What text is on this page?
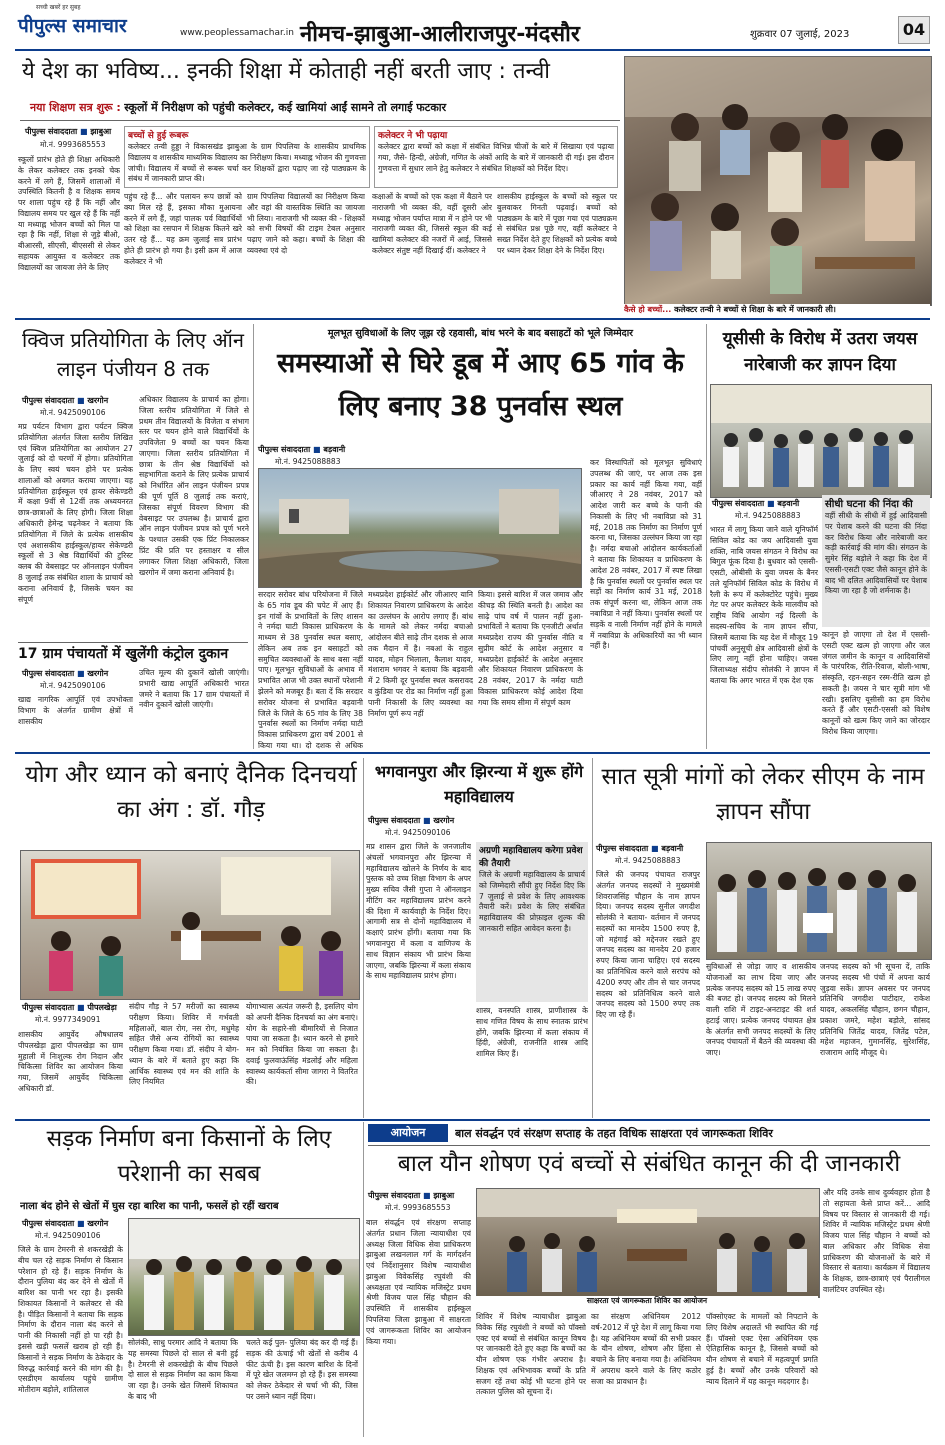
सच्ची खबरें हर सुबह
पीपुल्स समाचार	www.peoplessamachar.in नीमच-झाबुआ-आलीराजपुर-मंदसौर	शुक्रवार 07 जुलाई, 2023	04
ये देश का भविष्य... इनकी शिक्षा में कोताही नहीं बरती जाए : तन्वी
नया शिक्षण सत्र शुरू : स्कूलों में निरीक्षण को पहुंची कलेक्टर, कई खामियां आईं सामने तो लगाई फटकार
पीपुल्स संवाददाता ■ झाबुआ
मो.नं. 9993685553
स्कूलों प्रारंभ होते ही शिक्षा अधिकारी के लेकर कलेक्टर तक इनको चेक करने में लगे हैं, जिसमें शालाओं में उपस्थिति कितनी है व शिक्षक समय पर शाला पहुंच रहे हैं कि नहीं और विद्यालय समय पर खुल रहे हैं कि नहीं या मध्याह्न भोजन बच्चों को मिल पा रहा है कि नहीं, शिक्षा से जुड़े बीओ, बीआरसी, सीएसी, बीएससी से लेकर सहायक आयुक्त व कलेक्टर तक विद्यालयों का जायजा लेने के लिए
बच्चों से हुई रूबरू
कलेक्टर तन्वी हुड्डा ने विकासखंड झाबुआ के ग्राम पिपलिया के शासकीय प्राथमिक विद्यालय व शासकीय माध्यमिक विद्यालय का निरीक्षण किया। मध्याह्न भोजन की गुणवत्ता जांची। विद्यालय में बच्चों से रूबरू चर्चा कर शिक्षकों द्वारा पढ़ाए जा रहे पाठ्यक्रम के संबंध में जानकारी प्राप्त की।
कलेक्टर ने भी पढ़ाया
कलेक्टर द्वारा बच्चों को कक्षा में संबंधित विभिन्न चीजों के बारे में सिखाया एवं पढ़ाया गया, जैसे- हिन्दी, अंग्रेजी, गणित के अंकों आदि के बारे में जानकारी दी गई। इस दौरान गुणवत्ता में सुधार लाने हेतु कलेक्टर ने संबंधित शिक्षकों को निर्देश दिए।
पहुंच रहे हैं... और पलायन रूप छात्रों को क्या मिल रहे हैं, इसका मौका मुआयना करने में लगे हैं, जहां पालक पर्व विद्यार्थियों को शिक्षा का रसपान में शिक्षक कितने खरे उतर रहे हैं... यह क्रम जुलाई सत्र प्रारंभ होते ही प्रारंभ हो गया है। इसी क्रम में आज कलेक्टर ने भी
ग्राम पिपलिया विद्यालयों का निरीक्षण किया और वहां की वास्तविक स्थिति का जायजा भी लिया। नाराजगी भी व्यक्त की - शिक्षकों को सभी विषयों की टाइम टेबल अनुसार पढ़ाए जाने को कहा। बच्चों के शिक्षा की व्यवस्था एवं दो
कक्षाओं के बच्चों को एक कक्षा में बैठाने पर नाराजगी भी व्यक्त की, वहीं दूसरी ओर मध्याह्न भोजन पर्याप्त मात्रा में न होने पर भी नाराजगी व्यक्त की, जिससे स्कूल की कई खामियां कलेक्टर की नजरों में आई, जिससे कलेक्टर संतुष्ट नहीं दिखाई दीं। कलेक्टर ने
शासकीय हाईस्कूल के बच्चों को स्कूल पर बुलवाकर गिनती पढ़वाई। बच्चों को पाठ्यक्रम के बारे में पूछा गया एवं पाठ्यक्रम से संबंधित प्रश्न पूछे गए, वहीं कलेक्टर ने सख्त निर्देश देते हुए शिक्षकों को प्रत्येक बच्चे पर ध्यान देकर शिक्षा देने के निर्देश दिए।
कैसे हो बच्चों... कलेक्टर तन्वी ने बच्चों से शिक्षा के बारे में जानकारी ली।
क्विज प्रतियोगिता के लिए ऑन लाइन पंजीयन 8 तक
पीपुल्स संवाददाता ■ खरगोन
मो.नं. 9425090106
मप्र पर्यटन विभाग द्वारा पर्यटन क्विज प्रतियोगिता अंतर्गत जिला स्तरीय लिखित एवं क्विज प्रतियोगिता का आयोजन 27 जुलाई को दो चरणों में होगा। प्रतियोगिता के लिए स्वयं चयन होने पर प्रत्येक शालाओं को अवगत कराया जाएगा। यह प्रतियोगिता हाईस्कूल एवं हायर सेकेण्डरी में कक्षा 9वीं से 12वीं तक अध्ययनरत छात्र-छात्राओं के लिए होगी। जिला शिक्षा अधिकारी हेमेन्द्र चढ़नेकर ने बताया कि प्रतियोगिता में जिले के प्रत्येक शासकीय एवं अशासकीय हाईस्कूल/हायर सेकेण्डरी स्कूलों से 3 श्रेष्ठ विद्यार्थियों की टुरिस्ट क्लब की वेबसाइट पर ऑनलाइन पंजीयन 8 जुलाई तक संबंधित शाला के प्राचार्य को कराना अनिवार्य है, जिसके चयन का संपूर्ण
अधिकार विद्यालय के प्राचार्य का होगा। जिला स्तरीय प्रतियोगिता में जिले से प्रथम तीन विद्यालयों के विजेता व संभाग स्तर पर चयन होने वाले विद्यार्थियों के उपविजेता 9 बच्चों का चयन किया जाएगा। जिला स्तरीय प्रतियोगिता में छात्रा के तीन श्रेष्ठ विद्यार्थियों को सहभागिता कराने के लिए प्रत्येक प्राचार्य को निर्धारित ऑन लाइन पंजीयन प्रपत्र की पूर्ण पूर्ति 8 जुलाई तक कराएं, जिसका संपूर्ण विवरण विभाग की वेबसाइट पर उपलब्ध है। प्राचार्य द्वारा ऑन लाइन पंजीयन प्रपत्र को पूर्ण भरने के पश्चात उसकी एक प्रिंट निकालकर प्रिंट की प्रति पर हस्ताक्षर व सील लगाकर जिला शिक्षा अधिकारी, जिला खरगोन में जमा कराना अनिवार्य है।
17 ग्राम पंचायतों में खुलेंगी कंट्रोल दुकान
पीपुल्स संवाददाता ■ खरगोन
मो.नं. 9425090106
खाद्य नागरिक आपूर्ति एवं उपभोक्ता विभाग के अंतर्गत ग्रामीण क्षेत्रों में शासकीय
उचित मूल्य की दुकानें खोली जाएंगी। प्रभारी खाद्य आपूर्ति अधिकारी भारत जमरे ने बताया कि 17 ग्राम पंचायतों में नवीन दुकानें खोली जाएंगी।
मूलभूत सुविधाओं के लिए जूझ रहे रहवासी, बांध भरने के बाद बसाहटों को भूले जिम्मेदार
समस्याओं से घिरे डूब में आए 65 गांव के लिए बनाए 38 पुनर्वास स्थल
पीपुल्स संवाददाता ■ बड़वानी
मो.नं. 9425088883
सरदार सरोवर बांध परियोजना में जिले के 65 गांव डूब की चपेट में आए हैं। इन गांवों के प्रभावितों के लिए शासन ने नर्मदा घाटी विकास प्राधिकरण के माध्यम से 38 पुनर्वास स्थल बसाए, लेकिन अब तक इन बसाहटों को समुचित व्यवस्थाओं के साथ बसा नहीं पाए। मूलभूत सुविधाओं के अभाव में प्रभावित आज भी उक्त स्थानों परेशानी झेलने को मजबूर हैं। बता दें कि सरदार सरोवर योजना से प्रभावित बड़वानी जिले के जिले के 65 गांव के लिए 38 पुनर्वास स्थलों का निर्माण नर्मदा घाटी विकास प्राधिकरण द्वारा वर्ष 2001 से किया गया था। दो दशक से अधिक
मध्यप्रदेश हाईकोर्ट और जीआरए यानि शिकायत निवारण प्राधिकरण के आदेश का उल्लंघन के आरोप लगाए हैं। बांध के मामले को लेकर नर्मदा बचाओ आंदोलन बीते साढ़े तीन दशक से आज तक मैदान में है। नबआं के राहुल यादव, मोहन भिलाला, कैलाश यादव, मंशाराम भगवर ने बताया कि बड़वानी में 2 किमी दूर पुनर्वास स्थल कसरावद व कुंडिया पर रोड का निर्माण नहीं हुआ पानी निकासी के लिए व्यवस्था का निर्माण पूर्ण रूप नहीं
किया। इससे बारिश में जल जमाव और कीचड़ की स्थिति बनती है। आदेश का साढ़े पांच वर्ष में पालन नहीं हुआ- प्रभावितों ने बताया कि एनजीटी अर्थात मध्यप्रदेश राज्य की पुनर्वास नीति व सुप्रीम कोर्ट के आदेश अनुसार व मध्यप्रदेश हाईकोर्ट के आदेश अनुसार और शिकायत निवारण प्राधिकरण के 28 नवंबर, 2017 के नर्मदा घाटी विकास प्राधिकरण कोई आदेश दिया गया कि समय सीमा में संपूर्ण काम
कर विस्थापितों को मूलभूत सुविधाएं उपलब्ध की जाएं, पर आज तक इस प्रकार का कार्य नहीं किया गया, वहीं जीआरए ने 28 नवंबर, 2017 को आदेश जारी कर बच्चे के पानी की निकासी के लिए भी नबाविप्रा को 31 मई, 2018 तक निर्माण का निर्माण पूर्ण करना था, जिसका उल्लंघन किया जा रहा है। नर्मदा बचाओ आंदोलन कार्यकर्ताओं ने बताया कि शिकायत व प्राधिकरण के आदेश 28 नवंबर, 2017 में स्पष्ट लिखा है कि पुनर्वास स्थलों पर पुनर्वास स्थल पर सड़ों का निर्माण कार्य 31 मई, 2018 तक संपूर्ण करना था, लेकिन आज तक नबाविप्रा ने नहीं किया। पुनर्वास स्थलों पर सड़कें व नाली निर्माण नहीं होने के मामले में नबाविप्रा के अधिकारियों का भी ध्यान नहीं है।
यूसीसी के विरोध में उतरा जयस नारेबाजी कर ज्ञापन दिया
पीपुल्स संवाददाता ■ बड़वानी
मो.नं. 9425088883
सीधी घटना की निंदा की
वहीं सीधी के सीधी में हुई आदिवासी पर पेशाब करने की घटना की निंदा कर विरोध किया और नारेबाजी कर कड़ी कार्रवाई की मांग की। संगठन के सुमेर सिंह बड़ोले ने कहा कि देश में एससी-एसटी एक्ट जैसे कानून होने के बाद भी दलित आदिवासियों पर पेशाब किया जा रहा है जो शर्मनाक है।
भारत में लागू किया जाने वाले यूनिफॉर्म सिविल कोड का जय आदिवासी युवा शक्ति, नाबि जयस संगठन ने विरोध का बिगुल फूंक दिया है। बुधवार को एससी-एसटी, ओबीसी के युवा जयस के बैनर तले यूनिफॉर्म सिविल कोड के विरोध में रैली के रूप में कलेक्टोरेट पहुंचे। मुख्य गेट पर अपर कलेक्टर केके मालवीय को राष्ट्रीय विधि आयोग नई दिल्ली के सदस्य-सचिव के नाम ज्ञापन सौंपा, जिसमें बताया कि यह देश में मौजूद 19 पांचवीं अनुसूची क्षेत्र आदिवासी क्षेत्रों के लिए लागू नहीं होना चाहिए। जयस जिलाध्यक्ष संदीप सोलंकी ने ज्ञापन में बताया कि अगर भारत में एक देश एक
कानून हो जाएगा तो देश में एससी-एसटी एक्ट खत्म हो जाएगा और जल जंगल जमीन के कानून व आदिवासियों के पारंपरिक, रीति-रिवाज, बोली-भाषा, संस्कृति, रहन-सहन रस्म-रीति खत्म हो सकती है। जयस ने चार सूत्री मांग भी रखी। इसलिए यूसीसी का हम विरोध करते हैं और एसटी-एससी को विशेष कानूनों को खत्म किए जाने का जोरदार विरोध किया जाएगा।
योग और ध्यान को बनाएं दैनिक दिनचर्या का अंग : डॉ. गौड़
पीपुल्स संवाददाता ■ पीपलखेड़ा
मो.नं. 9977349091
शासकीय आयुर्वेद औषधालय पीपलखेड़ा द्वारा पीपलखेड़ा का ग्राम मुहाली में निःशुल्क रोग निदान और चिकित्सा शिविर का आयोजन किया गया, जिसमें आयुर्वेद चिकित्सा अधिकारी डॉ.
संदीप गौड़ ने 57 मरीजों का स्वास्थ्य परीक्षण किया। शिविर में गर्भवती महिलाओं, बाल रोग, नस रोग, मधुमेह सहित जैसे अन्य रोगियों का स्वास्थ्य परीक्षण किया गया। डॉ. संदीप ने योग-ध्यान के बारे में बताते हुए कहा कि आर्थिक स्वास्थ्य एवं मन की शांति के लिए नियमित
योगाभ्यास अत्यंत जरूरी है, इसलिए योग को अपनी दैनिक दिनचर्या का अंग बनाएं। योग के सहारे-सी बीमारियों से निजात पाया जा सकता है। ध्यान करने से हमारे मन को नियंत्रित किया जा सकता है। दवाई फुलवाऊंसिंह मंडलोई और महिला स्वास्थ्य कार्यकर्ता सीमा जागरा ने वितरित की।
भगवानपुरा और झिरन्या में शुरू होंगे महाविद्यालय
पीपुल्स संवाददाता ■ खरगोन
मो.नं. 9425090106
अग्रणी महाविद्यालय करेगा प्रवेश की तैयारी
जिले के अग्रणी महाविद्यालय के प्राचार्य को जिम्मेदारी सौंपी हुए निर्देश दिए कि 7 जुलाई से प्रवेश के लिए आवश्यक तैयारी करें। प्रवेश के लिए संबंधित महाविद्यालय की प्रोफ़ाइल शुल्क की जानकारी सहित आवेदन करना है।
मप्र शासन द्वारा जिले के जनजातीय अंचलों भगवानपुरा और झिरन्या में महाविद्यालय खोलने के निर्णय के बाद पुस्तक को उच्च शिक्षा विभाग के अपर मुख्य सचिव जैसी गुप्ता ने ऑनलाइन मीटिंग कर महाविद्यालय प्रारंभ करने की दिशा में कार्यवाही के निर्देश दिए। आगामी सत्र से दोनों महाविद्यालय में कक्षाएं प्रारंभ होंगी। बताया गया कि भगवानपुरा में कला व वाणिज्य के साथ विज्ञान संकाय भी प्रारंभ किया जाएगा, जबकि झिरन्या में कला संकाय के साथ महाविद्यालय प्रारंभ होगा।
शास्त्र, वनस्पति शास्त्र, प्राणीशास्त्र के साथ गणित विषय के साथ स्नातक प्रारंभ होंगे, जबकि झिरन्या में कला संकाय में हिंदी, अंग्रेजी, राजनीति शास्त्र आदि शामिल किए हैं।
सात सूत्री मांगों को लेकर सीएम के नाम ज्ञापन सौंपा
पीपुल्स संवाददाता ■ बड़वानी
मो.नं. 9425088883
जिले की जनपद पंचायत राजपुर अंतर्गत जनपद सदस्यों ने मुख्यमंत्री शिवराजसिंह चौहान के नाम ज्ञापन दिया। जनपद सदस्य सुनील जगदीश सोलंकी ने बताया- वर्तमान में जनपद सदस्यों का मानदेय 1500 रुपए है, जो महंगाई को मद्देनजर रखते हुए जनपद सदस्य का मानदेय 20 हजार रुपए किया जाना चाहिए। एवं सदस्य का प्रतिनिधित्व करने वाले सरपंच को 4200 रुपए और तीन से चार जनपद सदस्य को प्रतिनिधित्व करने वाले जनपद सदस्य को 1500 रुपए तक दिए जा रहे हैं।
सुविधाओं से जोड़ा जाए व शासकीय योजनाओं का लाभ दिया जाए और प्रत्येक जनपद सदस्य को 15 लाख रुपए की बजट हो। जनपद सदस्य को मिलने वाली राशि में टाइट-अनटाइट की शर्त हटाई जाए। प्रत्येक जनपद पंचायत क्षेत्र के अंतर्गत सभी जनपद सदस्यों के लिए जनपद पंचायतों में बैठने की व्यवस्था की जाए।
जनपद सदस्य को भी सूचना दें, ताकि जनपद सदस्य भी पंचों में अपना कार्य जुड़वा सकें। ज्ञापन अवसर पर जनपद प्रतिनिधि जगदीश पाटीदार, राकेश यादव, अकलसिंह चौहान, छगन चौहान, प्रकाश जमरे, महेश बड़ोले, सांसद प्रतिनिधि जितेंद्र यादव, जितेंद्र पटेल, महेश महाजन, गुमानसिंह, सुरेशसिंह, राजाराम आदि मौजूद थे।
सड़क निर्माण बना किसानों के लिए परेशानी का सबब
नाला बंद होने से खेतों में घुस रहा बारिश का पानी, फसलें हो रहीं खराब
पीपुल्स संवाददाता ■ खरगोन
मो.नं. 9425090106
जिले के ग्राम टेमरनी से शकरखेड़ी के बीच चल रहे सड़क निर्माण से किसान परेशान हो रहे हैं। सड़क निर्माण के दौरान पुलिया बंद कर देने से खेतों में बारिश का पानी भर रहा है। इसकी शिकायत किसानों ने कलेक्टर से की है। पीड़ित किसानों ने बताया कि सड़क निर्माण के दौरान नाला बंद करने से पानी की निकासी नहीं हो पा रही है। इससे खड़ी फसलें खराब हो रही हैं। किसानों ने सड़क निर्माण के ठेकेदार के विरुद्ध कार्रवाई करने की मांग की है। एसडीएम कार्यालय पहुंचे ग्रामीण मोतीराम बड़ोले, शांतिलाल
सोलंकी, साधु परमार आदि ने बताया कि यह समस्या पिछले दो साल से बनी हुई है। टेमरनी से शकरखेड़ी के बीच पिछले दो साल से सड़क निर्माण का काम किया जा रहा है। उनके खेत जिसमें शिकायत के बाद भी
चलते कई पुल- पुलिया बंद कर दी गई हैं। सड़क की ऊंचाई भी खेतों से करीब 4 फीट ऊंची है। इस कारण बारिश के दिनों में पूरे खेत जलमग्न हो रहे हैं। इस समस्या को लेकर ठेकेदार से चर्चा भी की, जिस पर उसने ध्यान नहीं दिया।
आयोजन	बाल संवर्द्धन एवं संरक्षण सप्ताह के तहत विधिक साक्षरता एवं जागरूकता शिविर
बाल यौन शोषण एवं बच्चों से संबंधित कानून की दी जानकारी
पीपुल्स संवाददाता ■ झाबुआ
मो.नं. 9993685553
बाल संवर्द्धन एवं संरक्षण सप्ताह अंतर्गत प्रधान जिला न्यायाधीश एवं अध्यक्ष जिला विधिक सेवा प्राधिकरण झाबुआ लखनलाल गर्ग के मार्गदर्शन एवं निर्देशानुसार विशेष न्यायाधीश झाबुआ विवेकसिंह रघुवंशी की अध्यक्षता एवं न्यायिक मजिस्ट्रेट प्रथम श्रेणी विजय पाल सिंह चौहान की उपस्थिति में शासकीय हाईस्कूल पिपलिया जिला झाबुआ में साक्षरता एवं जागरूकता शिविर का आयोजन किया गया।
साक्षरता एवं जागरूकता शिविर का आयोजन
शिविर में विशेष न्यायाधीश झाबुआ विवेक सिंह रघुवंशी ने बच्चों को पॉक्सो एक्ट एवं बच्चों से संबंधित कानून विषय पर जानकारी देते हुए कहा कि बच्चों का यौन शोषण एक गंभीर अपराध है। शिक्षक एवं अभिभावक बच्चों के प्रति सजग रहें तथा कोई भी घटना होने पर तत्काल पुलिस को सूचना दें।
का संरक्षण अधिनियम 2012 वर्ष-2012 में पूरे देश में लागू किया गया है। यह अधिनियम बच्चों की सभी प्रकार के यौन शोषण, शोषण और हिंसा से बचाने के लिए बनाया गया है। अधिनियम में अपराध करने वाले के लिए कठोर सजा का प्रावधान है।
पॉक्सोएक्ट के मामलों को निपटाने के लिए विशेष अदालतें भी स्थापित की गई हैं। पॉक्सो एक्ट ऐसा अधिनियम एक ऐतिहासिक कानून है, जिससे बच्चों को यौन शोषण से बचाने में महत्वपूर्ण प्रगति हुई है। बच्चों और उनके परिवारों को न्याय दिलाने में यह कानून मददगार है।
और यदि उनके साथ दुर्व्यवहार होता है तो सहायता केसे प्राप्त करें... आदि विषय पर विस्तार से जानकारी दी गई। शिविर में न्यायिक मजिस्ट्रेट प्रथम श्रेणी विजय पाल सिंह चौहान ने बच्चों को बाल अधिकार और विधिक सेवा प्राधिकरण की योजनाओं के बारे में विस्तार से बताया। कार्यक्रम में विद्यालय के शिक्षक, छात्र-छात्राएं एवं पैरालीगल वालंटियर उपस्थित रहे।
